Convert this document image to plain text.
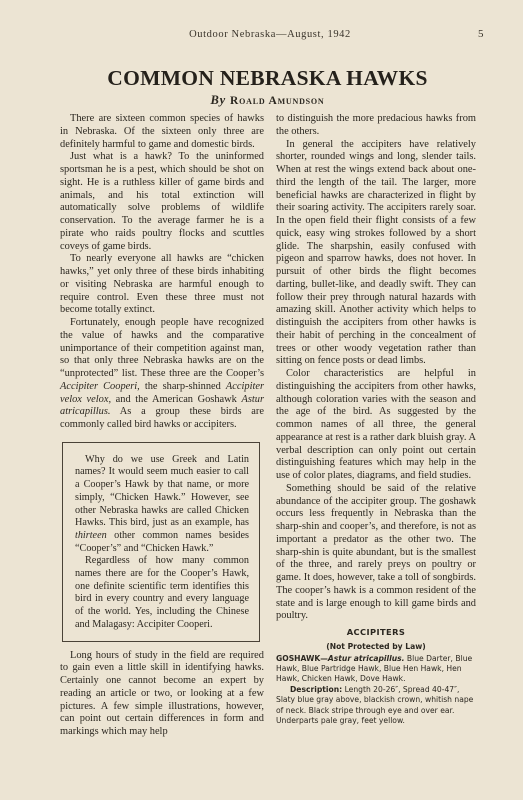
Outdoor Nebraska—August, 1942	5
COMMON NEBRASKA HAWKS
By Roald Amundson

There are sixteen common species of hawks in Nebraska. Of the sixteen only three are definitely harmful to game and domestic birds.

Just what is a hawk? To the uninformed sportsman he is a pest, which should be shot on sight. He is a ruthless killer of game birds and animals, and his total extinction will automatically solve problems of wildlife conservation. To the average farmer he is a pirate who raids poultry flocks and scuttles coveys of game birds.

To nearly everyone all hawks are “chicken hawks,” yet only three of these birds inhabiting or visiting Nebraska are harmful enough to require control. Even these three must not become totally extinct.

Fortunately, enough people have recognized the value of hawks and the comparative unimportance of their competition against man, so that only three Nebraska hawks are on the “unprotected” list. These three are the Cooper’s Accipiter Cooperi, the sharp-shinned Accipiter velox velox, and the American Goshawk Astur atricapillus. As a group these birds are commonly called bird hawks or accipiters.

Why do we use Greek and Latin names? It would seem much easier to call a Cooper’s Hawk by that name, or more simply, “Chicken Hawk.” However, see other Nebraska hawks are called Chicken Hawks. This bird, just as an example, has thirteen other common names besides “Cooper’s” and “Chicken Hawk.”

Regardless of how many common names there are for the Cooper’s Hawk, one definite scientific term identifies this bird in every country and every language of the world. Yes, including the Chinese and Malagasy: Accipiter Cooperi.

Long hours of study in the field are required to gain even a little skill in identifying hawks. Certainly one cannot become an expert by reading an article or two, or looking at a few pictures. A few simple illustrations, however, can point out certain differences in form and markings which may help

to distinguish the more predacious hawks from the others.

In general the accipiters have relatively shorter, rounded wings and long, slender tails. When at rest the wings extend back about one-third the length of the tail. The larger, more beneficial hawks are characterized in flight by their soaring activity. The accipiters rarely soar. In the open field their flight consists of a few quick, easy wing strokes followed by a short glide. The sharpshin, easily confused with pigeon and sparrow hawks, does not hover. In pursuit of other birds the flight becomes darting, bullet-like, and deadly swift. They can follow their prey through natural hazards with amazing skill. Another activity which helps to distinguish the accipiters from other hawks is their habit of perching in the concealment of trees or other woody vegetation rather than sitting on fence posts or dead limbs.

Color characteristics are helpful in distinguishing the accipiters from other hawks, although coloration varies with the season and the age of the bird. As suggested by the common names of all three, the general appearance at rest is a rather dark bluish gray. A verbal description can only point out certain distinguishing features which may help in the use of color plates, diagrams, and field studies.

Something should be said of the relative abundance of the accipiter group. The goshawk occurs less frequently in Nebraska than the sharp-shin and cooper’s, and therefore, is not as important a predator as the other two. The sharp-shin is quite abundant, but is the smallest of the three, and rarely preys on poultry or game. It does, however, take a toll of songbirds. The cooper’s hawk is a common resident of the state and is large enough to kill game birds and poultry.

ACCIPITERS
(Not Protected by Law)

GOSHAWK—Astur atricapillus. Blue Darter, Blue Hawk, Blue Partridge Hawk, Blue Hen Hawk, Hen Hawk, Chicken Hawk, Dove Hawk.

Description: Length 20-26″, Spread 40-47″, Slaty blue gray above, blackish crown, whitish nape of neck. Black stripe through eye and over ear. Underparts pale gray, feet yellow.
